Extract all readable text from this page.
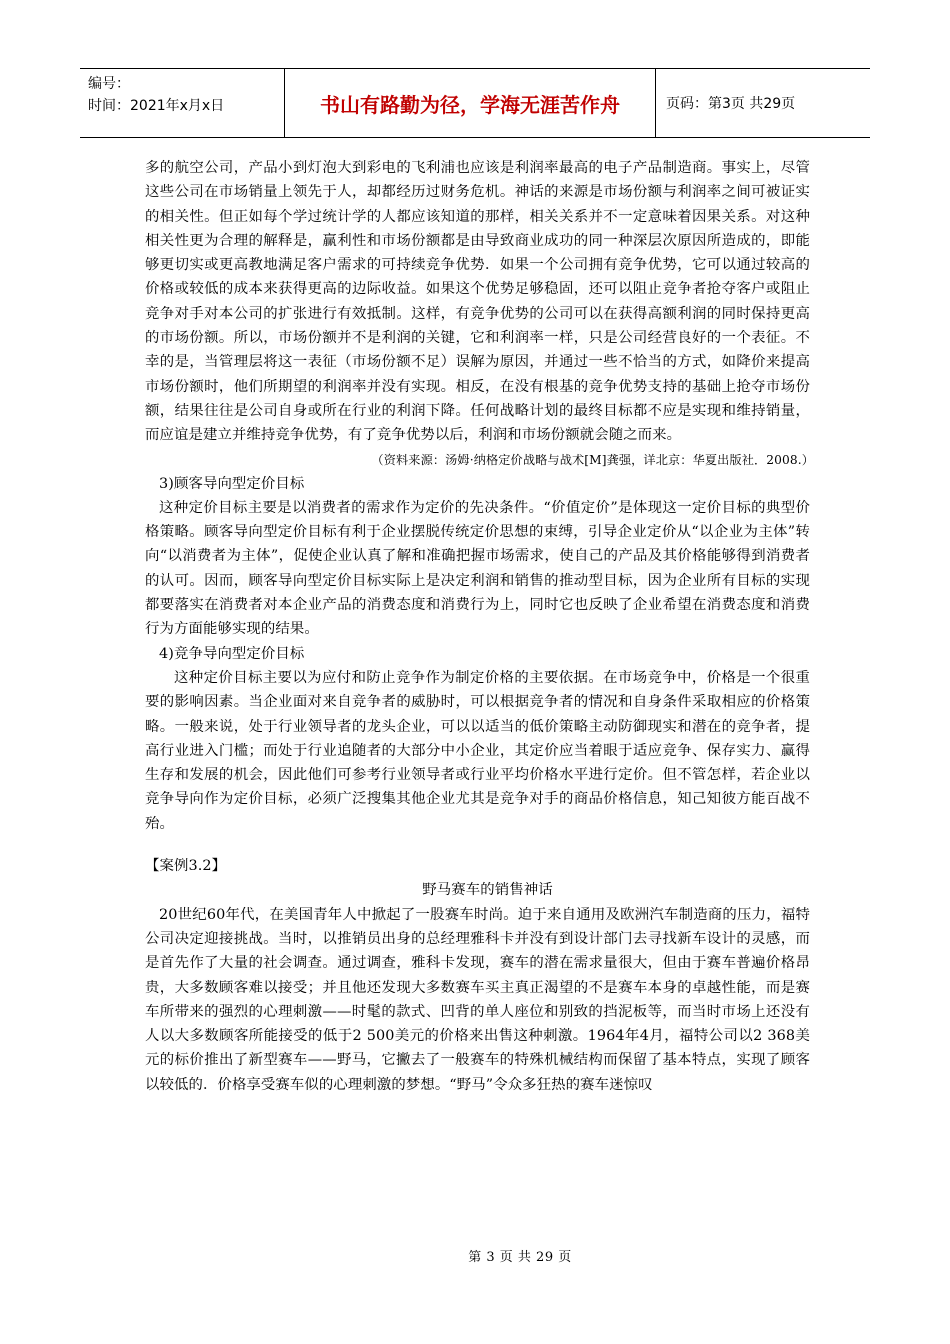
编号：
时间：2021年x月x日	书山有路勤为径，学海无涯苦作舟	页码：第3页 共29页

多的航空公司，产品小到灯泡大到彩电的飞利浦也应该是利润率最高的电子产品制造商。事实上，尽管这些公司在市场销量上领先于人，却都经历过财务危机。神话的来源是市场份额与利润率之间可被证实的相关性。但正如每个学过统计学的人都应该知道的那样，相关关系并不一定意味着因果关系。对这种相关性更为合理的解释是，赢利性和市场份额都是由导致商业成功的同一种深层次原因所造成的，即能够更切实或更高教地满足客户需求的可持续竞争优势．如果一个公司拥有竞争优势，它可以通过较高的价格或较低的成本来获得更高的边际收益。如果这个优势足够稳固，还可以阻止竞争者抢夺客户或阻止竞争对手对本公司的扩张进行有效抵制。这样，有竞争优势的公司可以在获得高额利润的同时保持更高的市场份额。所以，市场份额并不是利润的关键，它和利润率一样，只是公司经营良好的一个表征。不幸的是，当管理层将这一表征（市场份额不足）误解为原因，并通过一些不恰当的方式，如降价来提高市场份额时，他们所期望的利润率并没有实现。相反，在没有根基的竞争优势支持的基础上抢夺市场份额，结果往往是公司自身或所在行业的利润下降。任何战略计划的最终目标都不应是实现和维持销量，而应谊是建立并维持竞争优势，有了竞争优势以后，利润和市场份额就会随之而来。

（资料来源：汤姆·纳格定价战略与战术[M]龚强，详北京：华夏出版社．2008.）

3)顾客导向型定价目标

这种定价目标主要是以消费者的需求作为定价的先决条件。“价值定价”是体现这一定价目标的典型价格策略。顾客导向型定价目标有利于企业摆脱传统定价思想的束缚，引导企业定价从“以企业为主体”转向“以消费者为主体”，促使企业认真了解和准确把握市场需求，使自己的产品及其价格能够得到消费者的认可。因而，顾客导向型定价目标实际上是决定利润和销售的推动型目标，因为企业所有目标的实现都要落实在消费者对本企业产品的消费态度和消费行为上，同时它也反映了企业希望在消费态度和消费行为方面能够实现的结果。

4)竞争导向型定价目标

这种定价目标主要以为应付和防止竞争作为制定价格的主要依据。在市场竞争中，价格是一个很重要的影响因素。当企业面对来自竞争者的威胁时，可以根据竞争者的情况和自身条件采取相应的价格策略。一般来说，处于行业领导者的龙头企业，可以以适当的低价策略主动防御现实和潜在的竞争者，提高行业进入门槛；而处于行业追随者的大部分中小企业，其定价应当着眼于适应竞争、保存实力、赢得生存和发展的机会，因此他们可参考行业领导者或行业平均价格水平进行定价。但不管怎样，若企业以竞争导向作为定价目标，必须广泛搜集其他企业尤其是竞争对手的商品价格信息，知己知彼方能百战不殆。

【案例3.2】

野马赛车的销售神话

20世纪60年代，在美国青年人中掀起了一股赛车时尚。迫于来自通用及欧洲汽车制造商的压力，福特公司决定迎接挑战。当时，以推销员出身的总经理雅科卡并没有到设计部门去寻找新车设计的灵感，而是首先作了大量的社会调查。通过调查，雅科卡发现，赛车的潜在需求量很大，但由于赛车普遍价格昂贵，大多数顾客难以接受；并且他还发现大多数赛车买主真正渴望的不是赛车本身的卓越性能，而是赛车所带来的强烈的心理刺激——时髦的款式、凹背的单人座位和别致的挡泥板等，而当时市场上还没有人以大多数顾客所能接受的低于2 500美元的价格来出售这种刺激。1964年4月，福特公司以2 368美元的标价推出了新型赛车——野马，它撇去了一般赛车的特殊机械结构而保留了基本特点，实现了顾客以较低的．价格享受赛车似的心理刺激的梦想。“野马”令众多狂热的赛车迷惊叹

第 3 页 共 29 页
